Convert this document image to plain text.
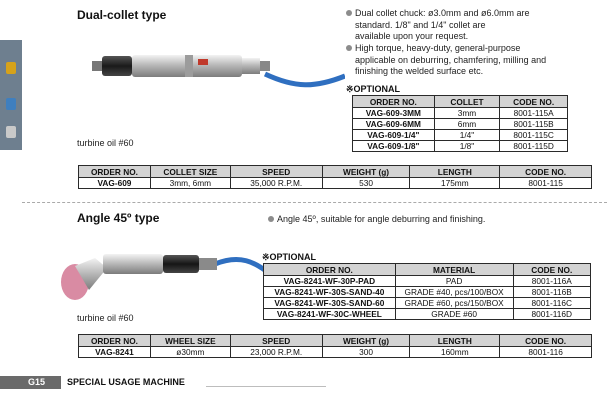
Dual-collet type	Dual collet chuck: ø3.0mm and ø6.0mm are
standard. 1/8" and 1/4" collet are
available upon your request.
High torque, heavy-duty, general-purpose
applicable on deburring, chamfering, milling and
finishing the welded surface etc.
※OPTIONAL
ORDER NO.	COLLET	CODE NO.
VAG-609-3MM	3mm	8001-115A
VAG-609-6MM	6mm	8001-115B
VAG-609-1/4"	1/4"	8001-115C
VAG-609-1/8"	1/8"	8001-115D
turbine oil #60
ORDER NO.	COLLET SIZE	SPEED	WEIGHT (g)	LENGTH	CODE NO.
VAG-609	3mm, 6mm	35,000 R.P.M.	530	175mm	8001-115
Angle 45º type	Angle 45º, suitable for angle deburring and finishing.
※OPTIONAL
ORDER NO.	MATERIAL	CODE NO.
VAG-8241-WF-30P-PAD	PAD	8001-116A
VAG-8241-WF-30S-SAND-40	GRADE #40, pcs/100/BOX	8001-116B
VAG-8241-WF-30S-SAND-60	GRADE #60, pcs/150/BOX	8001-116C
VAG-8241-WF-30C-WHEEL	GRADE #60	8001-116D
turbine oil #60
ORDER NO.	WHEEL SIZE	SPEED	WEIGHT (g)	LENGTH	CODE NO.
VAG-8241	ø30mm	23,000 R.P.M.	300	160mm	8001-116
G15	SPECIAL USAGE MACHINE
